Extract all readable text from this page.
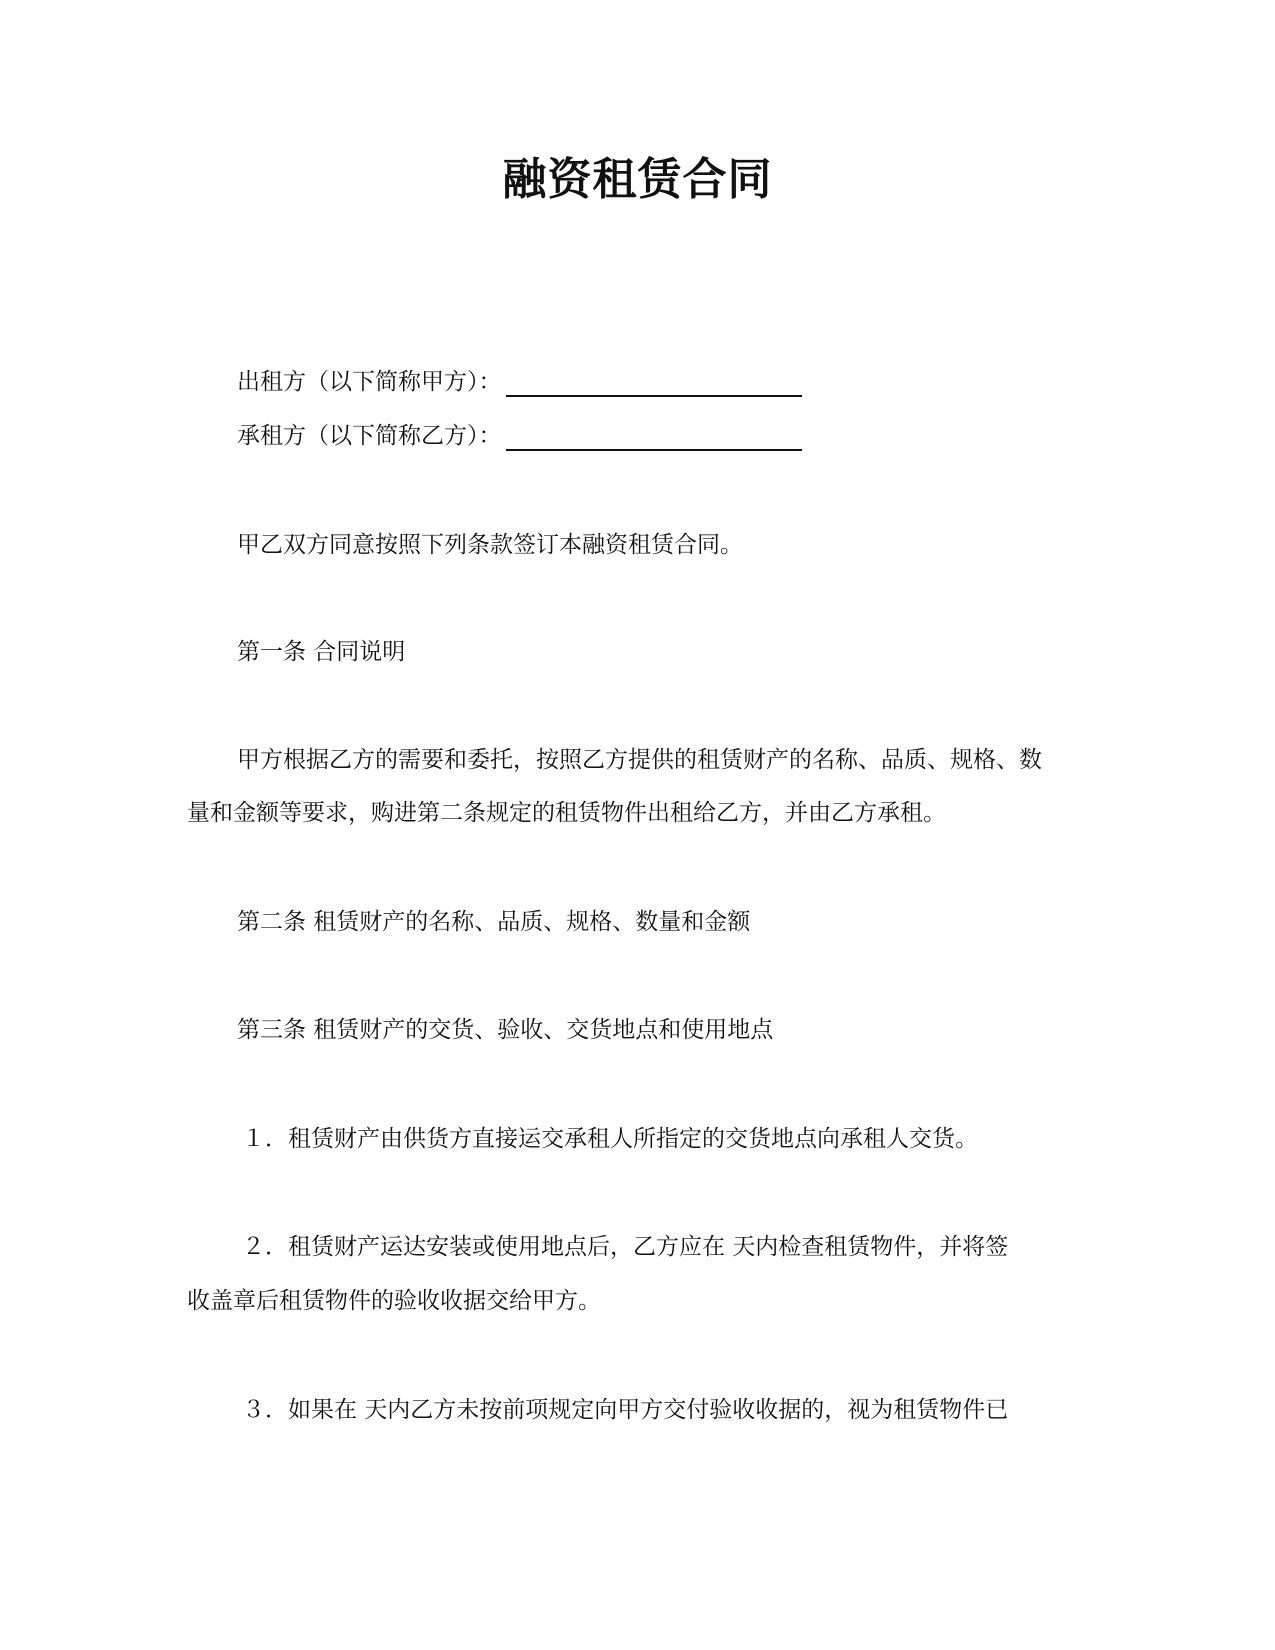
融资租赁合同
出租方（以下简称甲方）：
承租方（以下简称乙方）：
甲乙双方同意按照下列条款签订本融资租赁合同。
第一条 合同说明
甲方根据乙方的需要和委托，按照乙方提供的租赁财产的名称、品质、规格、数
量和金额等要求，购进第二条规定的租赁物件出租给乙方，并由乙方承租。
第二条 租赁财产的名称、品质、规格、数量和金额
第三条 租赁财产的交货、验收、交货地点和使用地点
１．租赁财产由供货方直接运交承租人所指定的交货地点向承租人交货。
２．租赁财产运达安装或使用地点后，乙方应在 天内检查租赁物件，并将签
收盖章后租赁物件的验收收据交给甲方。
３．如果在 天内乙方未按前项规定向甲方交付验收收据的，视为租赁物件已
